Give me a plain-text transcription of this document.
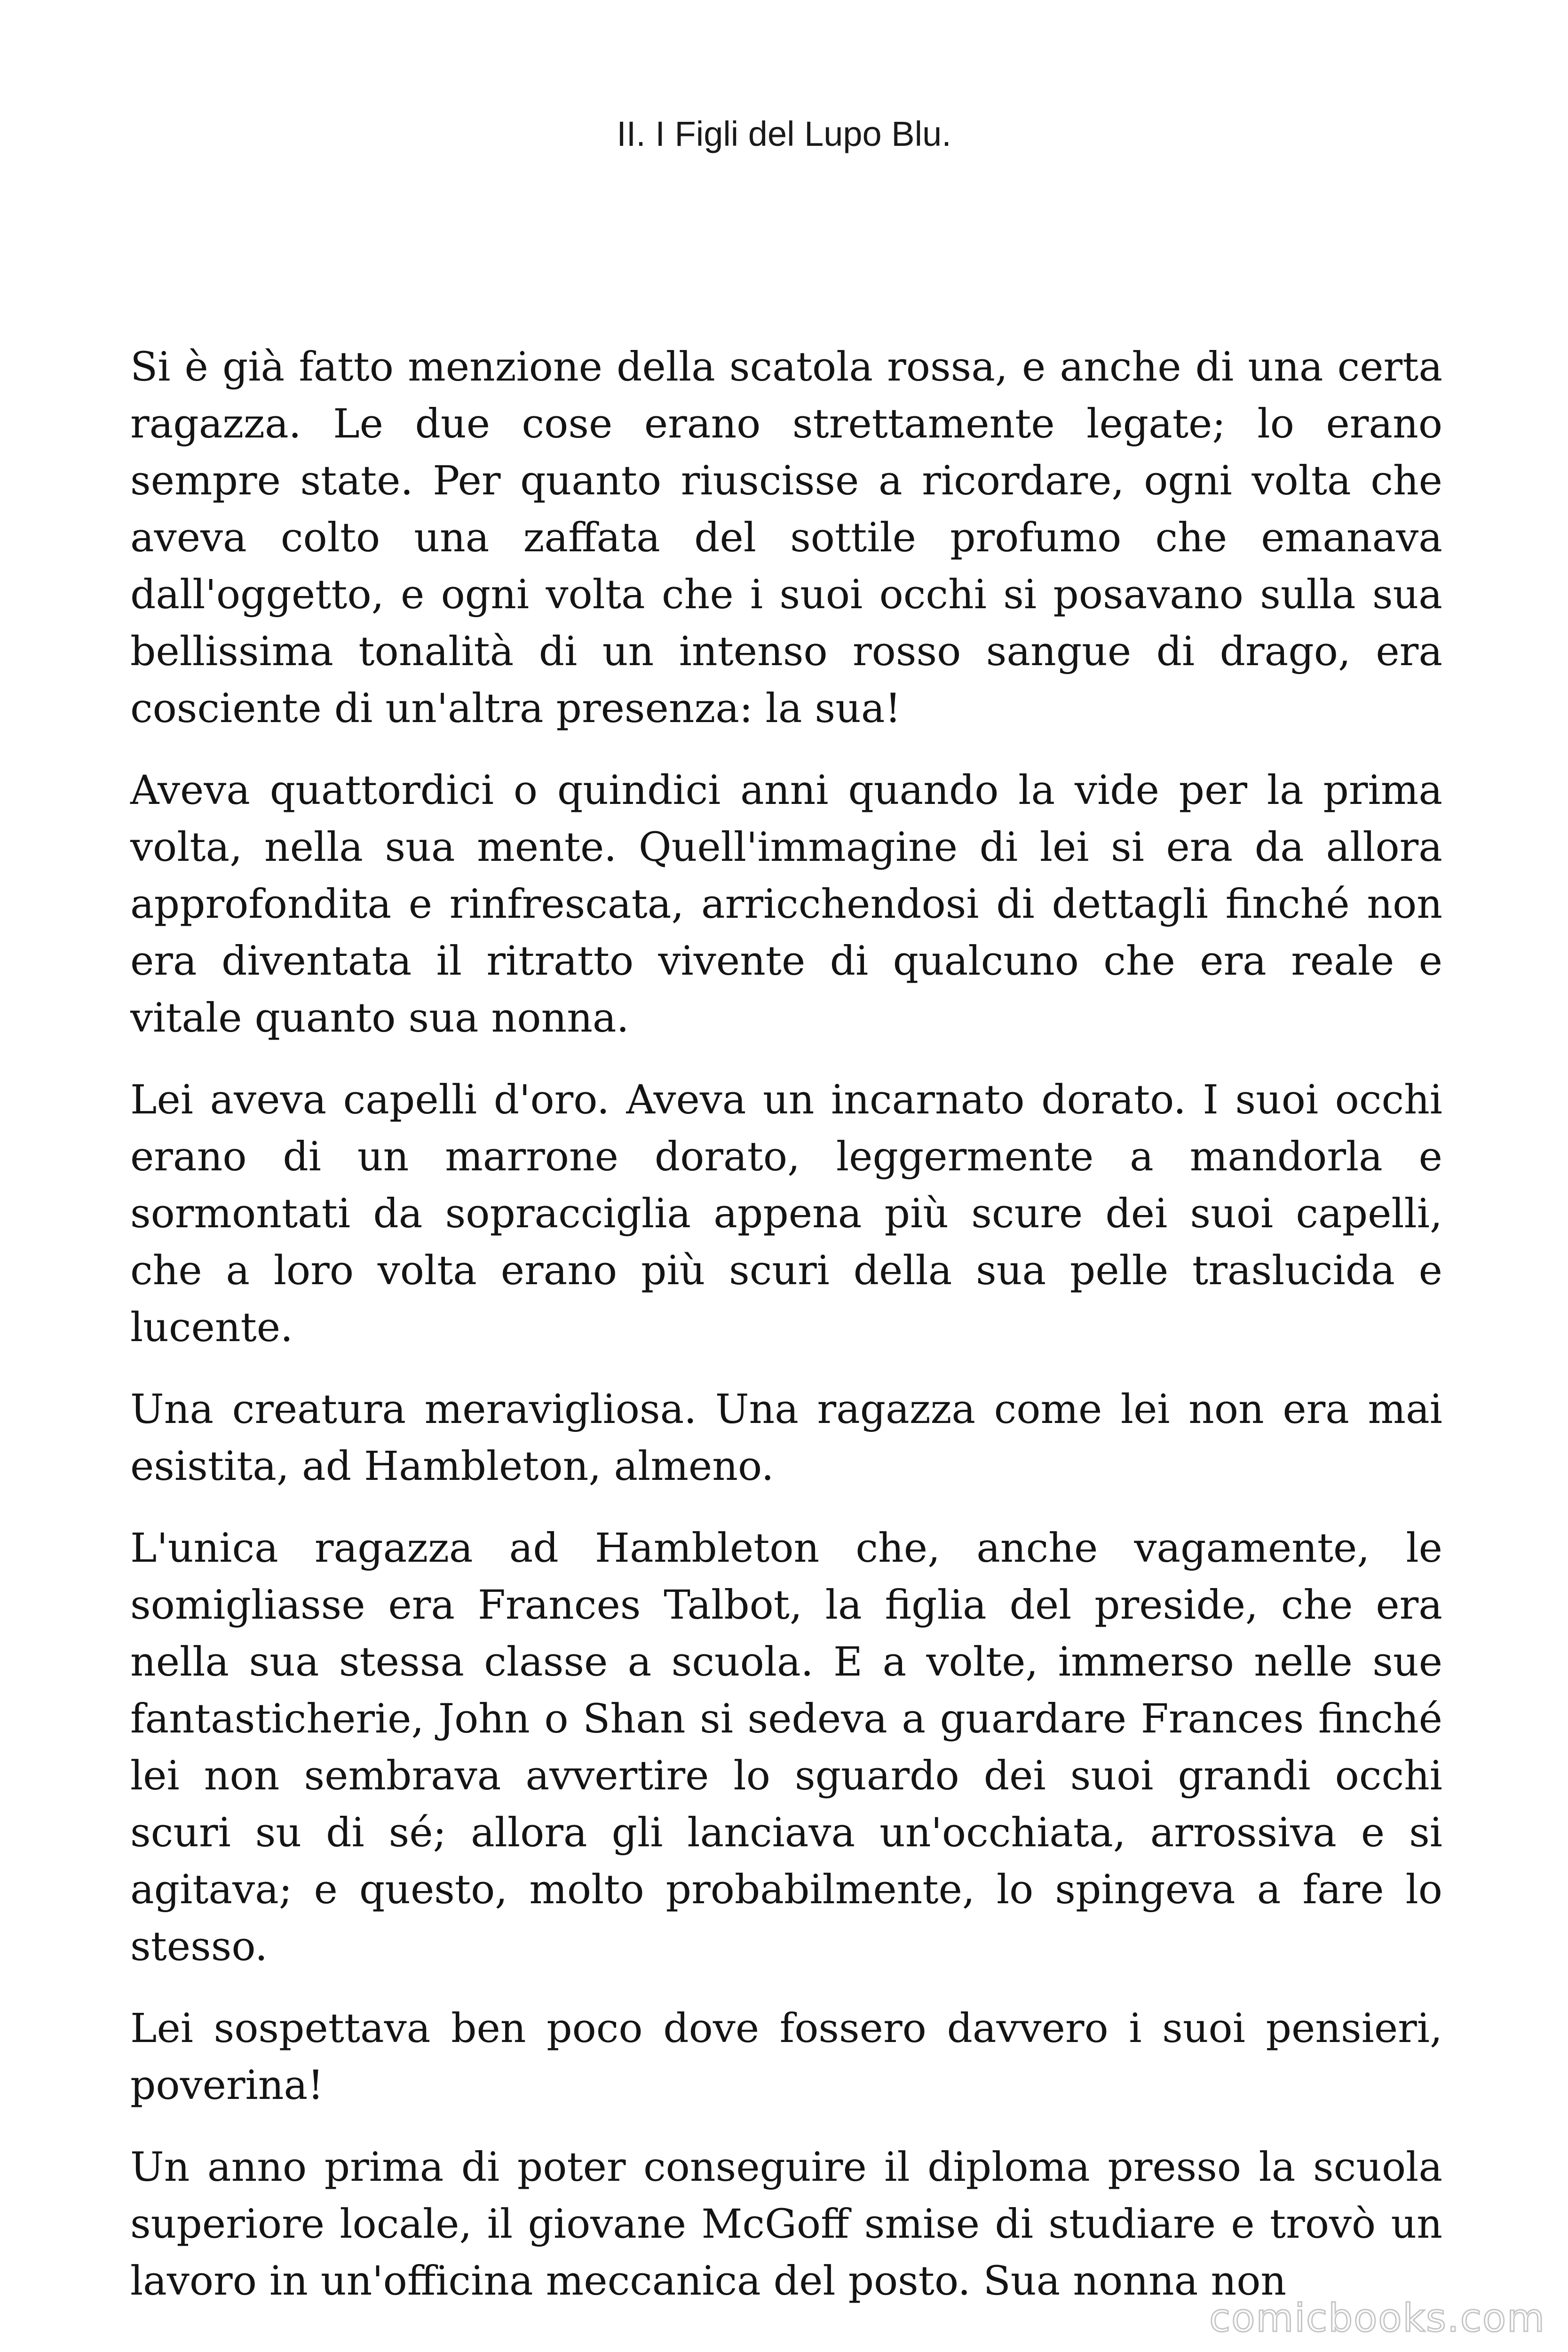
II. I Figli del Lupo Blu.

Si è già fatto menzione della scatola rossa, e anche di una certa ragazza. Le due cose erano strettamente legate; lo erano sempre state. Per quanto riuscisse a ricordare, ogni volta che aveva colto una zaffata del sottile profumo che emanava dall'oggetto, e ogni volta che i suoi occhi si posavano sulla sua bellissima tonalità di un intenso rosso sangue di drago, era cosciente di un'altra presenza: la sua!

Aveva quattordici o quindici anni quando la vide per la prima volta, nella sua mente. Quell'immagine di lei si era da allora approfondita e rinfrescata, arricchendosi di dettagli finché non era diventata il ritratto vivente di qualcuno che era reale e vitale quanto sua nonna.

Lei aveva capelli d'oro. Aveva un incarnato dorato. I suoi occhi erano di un marrone dorato, leggermente a mandorla e sormontati da sopracciglia appena più scure dei suoi capelli, che a loro volta erano più scuri della sua pelle traslucida e lucente.

Una creatura meravigliosa. Una ragazza come lei non era mai esistita, ad Hambleton, almeno.

L'unica ragazza ad Hambleton che, anche vagamente, le somigliasse era Frances Talbot, la figlia del preside, che era nella sua stessa classe a scuola. E a volte, immerso nelle sue fantasticherie, John o Shan si sedeva a guardare Frances finché lei non sembrava avvertire lo sguardo dei suoi grandi occhi scuri su di sé; allora gli lanciava un'occhiata, arrossiva e si agitava; e questo, molto probabilmente, lo spingeva a fare lo stesso.

Lei sospettava ben poco dove fossero davvero i suoi pensieri, poverina!

Un anno prima di poter conseguire il diploma presso la scuola superiore locale, il giovane McGoff smise di studiare e trovò un lavoro in un'officina meccanica del posto. Sua nonna non

comicbooks.com
